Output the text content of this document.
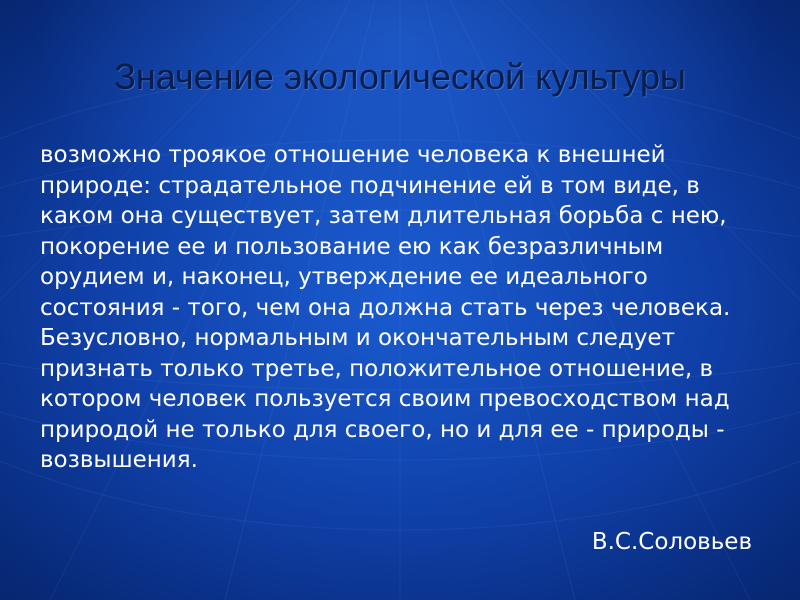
Значение экологической культуры
возможно троякое отношение человека к внешней природе: страдательное подчинение ей в том виде, в каком она существует, затем длительная борьба с нею, покорение ее и пользование ею как безразличным орудием и, наконец, утверждение ее идеального состояния - того, чем она должна стать через человека. Безусловно, нормальным и окончательным следует признать только третье, положительное отношение, в котором человек пользуется своим превосходством над природой не только для своего, но и для ее - природы - возвышения.
В.С.Соловьев
